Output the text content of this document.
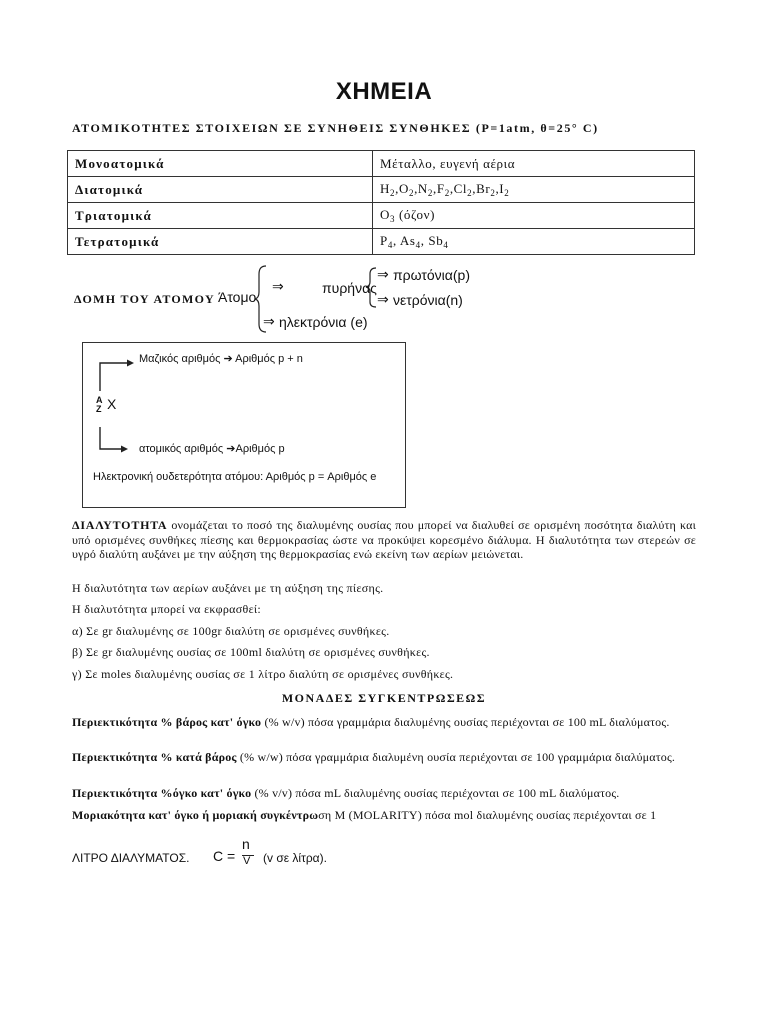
ΧΗΜΕΙΑ
ΑΤΟΜΙΚΟΤΗΤΕΣ ΣΤΟΙΧΕΙΩΝ ΣΕ ΣΥΝΗΘΕΙΣ ΣΥΝΘΗΚΕΣ (P=1atm, θ=25° C)
Μονοατομικά	Μέταλλο, ευγενή αέρια
Διατομικά	$H_2,O_2,N_2,F_2,Cl_2,Br_2,I_2$
Τριατομικά	$O_3$ (όζον)
Τετρατομικά	$P_4$, $As_4$, $Sb_4$
ΔΟΜΗ ΤΟΥ ΑΤΟΜΟΥ Άτομο
⇒	πυρήνας
⇒ πρωτόνια(p)
⇒ νετρόνια(n)
⇒ ηλεκτρόνια (e)
Μαζικός αριθμός ➔ Αριθμός p + n
A
Z X
ατομικός αριθμός ➔Αριθμός p
Ηλεκτρονική ουδετερότητα ατόμου: Αριθμός p = Αριθμός e
ΔΙΑΛΥΤΟΤΗΤΑ ονομάζεται το ποσό της διαλυμένης ουσίας που μπορεί να διαλυθεί σε ορισμένη ποσότητα διαλύτη και υπό ορισμένες συνθήκες πίεσης και θερμοκρασίας ώστε να προκύψει κορεσμένο διάλυμα. Η διαλυτότητα των στερεών σε υγρό διαλύτη αυξάνει με την αύξηση της θερμοκρασίας ενώ εκείνη των αερίων μειώνεται.
Η διαλυτότητα των αερίων αυξάνει με τη αύξηση της πίεσης.
Η διαλυτότητα μπορεί να εκφρασθεί:
α) Σε gr διαλυμένης σε 100gr διαλύτη σε ορισμένες συνθήκες.
β) Σε gr διαλυμένης ουσίας σε 100ml διαλύτη σε ορισμένες συνθήκες.
γ) Σε moles διαλυμένης ουσίας σε 1 λίτρο διαλύτη σε ορισμένες συνθήκες.
ΜΟΝΑΔΕΣ ΣΥΓΚΕΝΤΡΩΣΕΩΣ
Περιεκτικότητα % βάρος κατ' όγκο (% w/v) πόσα γραμμάρια διαλυμένης ουσίας περιέχονται σε 100 mL διαλύματος.
Περιεκτικότητα % κατά βάρος (% w/w) πόσα γραμμάρια διαλυμένη ουσία περιέχονται σε 100 γραμμάρια διαλύματος.
Περιεκτικότητα %όγκο κατ' όγκο (% v/v) πόσα mL διαλυμένης ουσίας περιέχονται σε 100 mL διαλύματος.
Μοριακότητα κατ' όγκο ή μοριακή συγκέντρωση M (MOLARITY) πόσα mol διαλυμένης ουσίας περιέχονται σε 1
ΛΙΤΡΟ ΔΙΑΛΥΜΑΤΟΣ. C =
n
V (v σε λίτρα).
